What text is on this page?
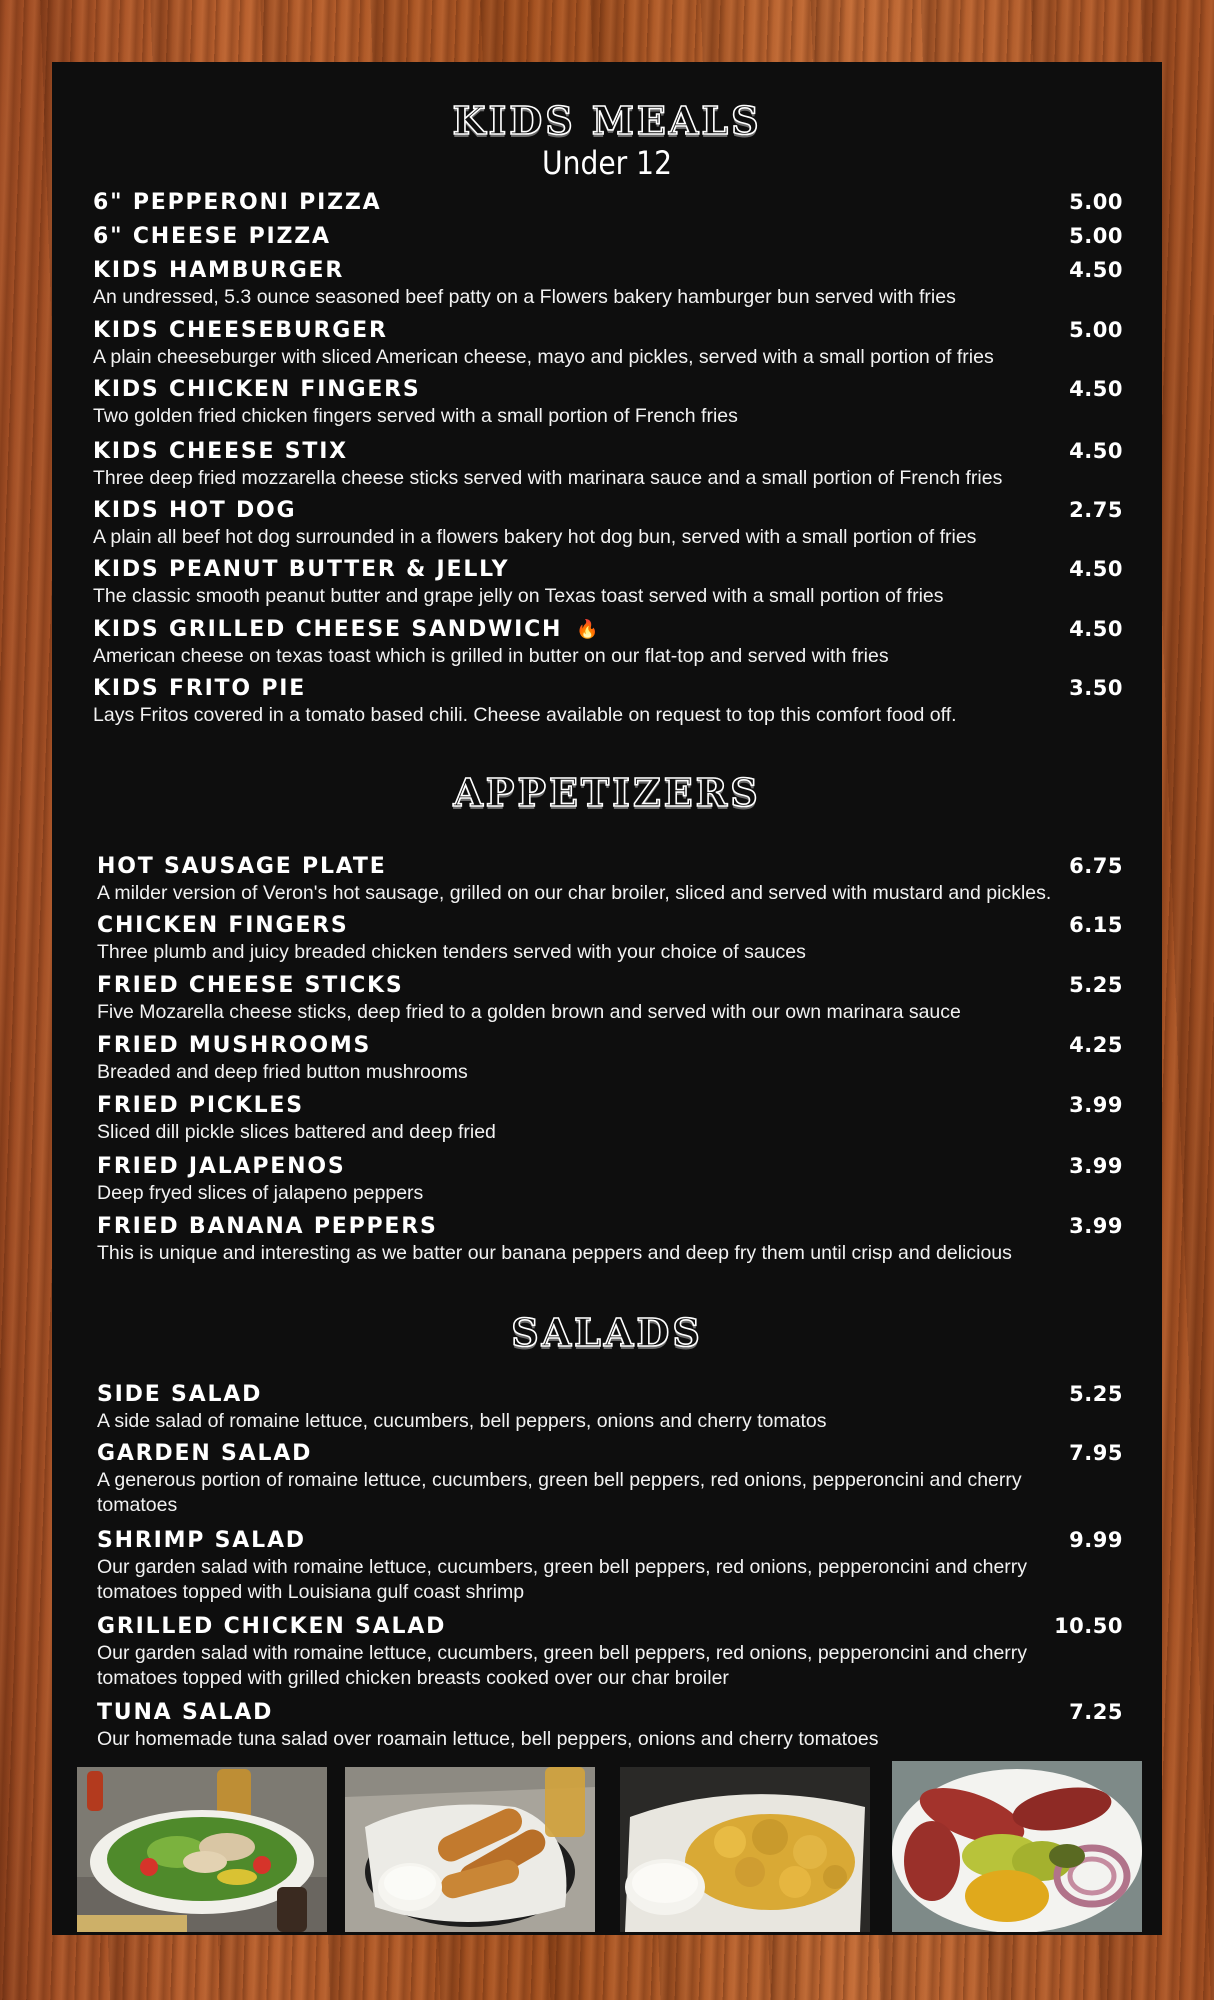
KIDS MEALS
Under 12
6" PEPPERONI PIZZA	5.00
6" CHEESE PIZZA	5.00
KIDS HAMBURGER	4.50
An undressed, 5.3 ounce seasoned beef patty on a Flowers bakery hamburger bun served with fries
KIDS CHEESEBURGER	5.00
A plain cheeseburger with sliced American cheese, mayo and pickles, served with a small portion of fries
KIDS CHICKEN FINGERS	4.50
Two golden fried chicken fingers served with a small portion of French fries
KIDS CHEESE STIX	4.50
Three deep fried mozzarella cheese sticks served with marinara sauce and a small portion of French fries
KIDS HOT DOG	2.75
A plain all beef hot dog surrounded in a flowers bakery hot dog bun, served with a small portion of fries
KIDS PEANUT BUTTER & JELLY	4.50
The classic smooth peanut butter and grape jelly on Texas toast served with a small portion of fries
KIDS GRILLED CHEESE SANDWICH 🔥	4.50
American cheese on texas toast which is grilled in butter on our flat-top and served with fries
KIDS FRITO PIE	3.50
Lays Fritos covered in a tomato based chili. Cheese available on request to top this comfort food off.
APPETIZERS
HOT SAUSAGE PLATE	6.75
A milder version of Veron's hot sausage, grilled on our char broiler, sliced and served with mustard and pickles.
CHICKEN FINGERS	6.15
Three plumb and juicy breaded chicken tenders served with your choice of sauces
FRIED CHEESE STICKS	5.25
Five Mozarella cheese sticks, deep fried to a golden brown and served with our own marinara sauce
FRIED MUSHROOMS	4.25
Breaded and deep fried button mushrooms
FRIED PICKLES	3.99
Sliced dill pickle slices battered and deep fried
FRIED JALAPENOS	3.99
Deep fryed slices of jalapeno peppers
FRIED BANANA PEPPERS	3.99
This is unique and interesting as we batter our banana peppers and deep fry them until crisp and delicious
SALADS
SIDE SALAD	5.25
A side salad of romaine lettuce, cucumbers, bell peppers, onions and cherry tomatos
GARDEN SALAD	7.95
A generous portion of romaine lettuce, cucumbers, green bell peppers, red onions, pepperoncini and cherry tomatoes
SHRIMP SALAD	9.99
Our garden salad with romaine lettuce, cucumbers, green bell peppers, red onions, pepperoncini and cherry tomatoes topped with Louisiana gulf coast shrimp
GRILLED CHICKEN SALAD	10.50
Our garden salad with romaine lettuce, cucumbers, green bell peppers, red onions, pepperoncini and cherry tomatoes topped with grilled chicken breasts cooked over our char broiler
TUNA SALAD	7.25
Our homemade tuna salad over roamain lettuce, bell peppers, onions and cherry tomatoes
